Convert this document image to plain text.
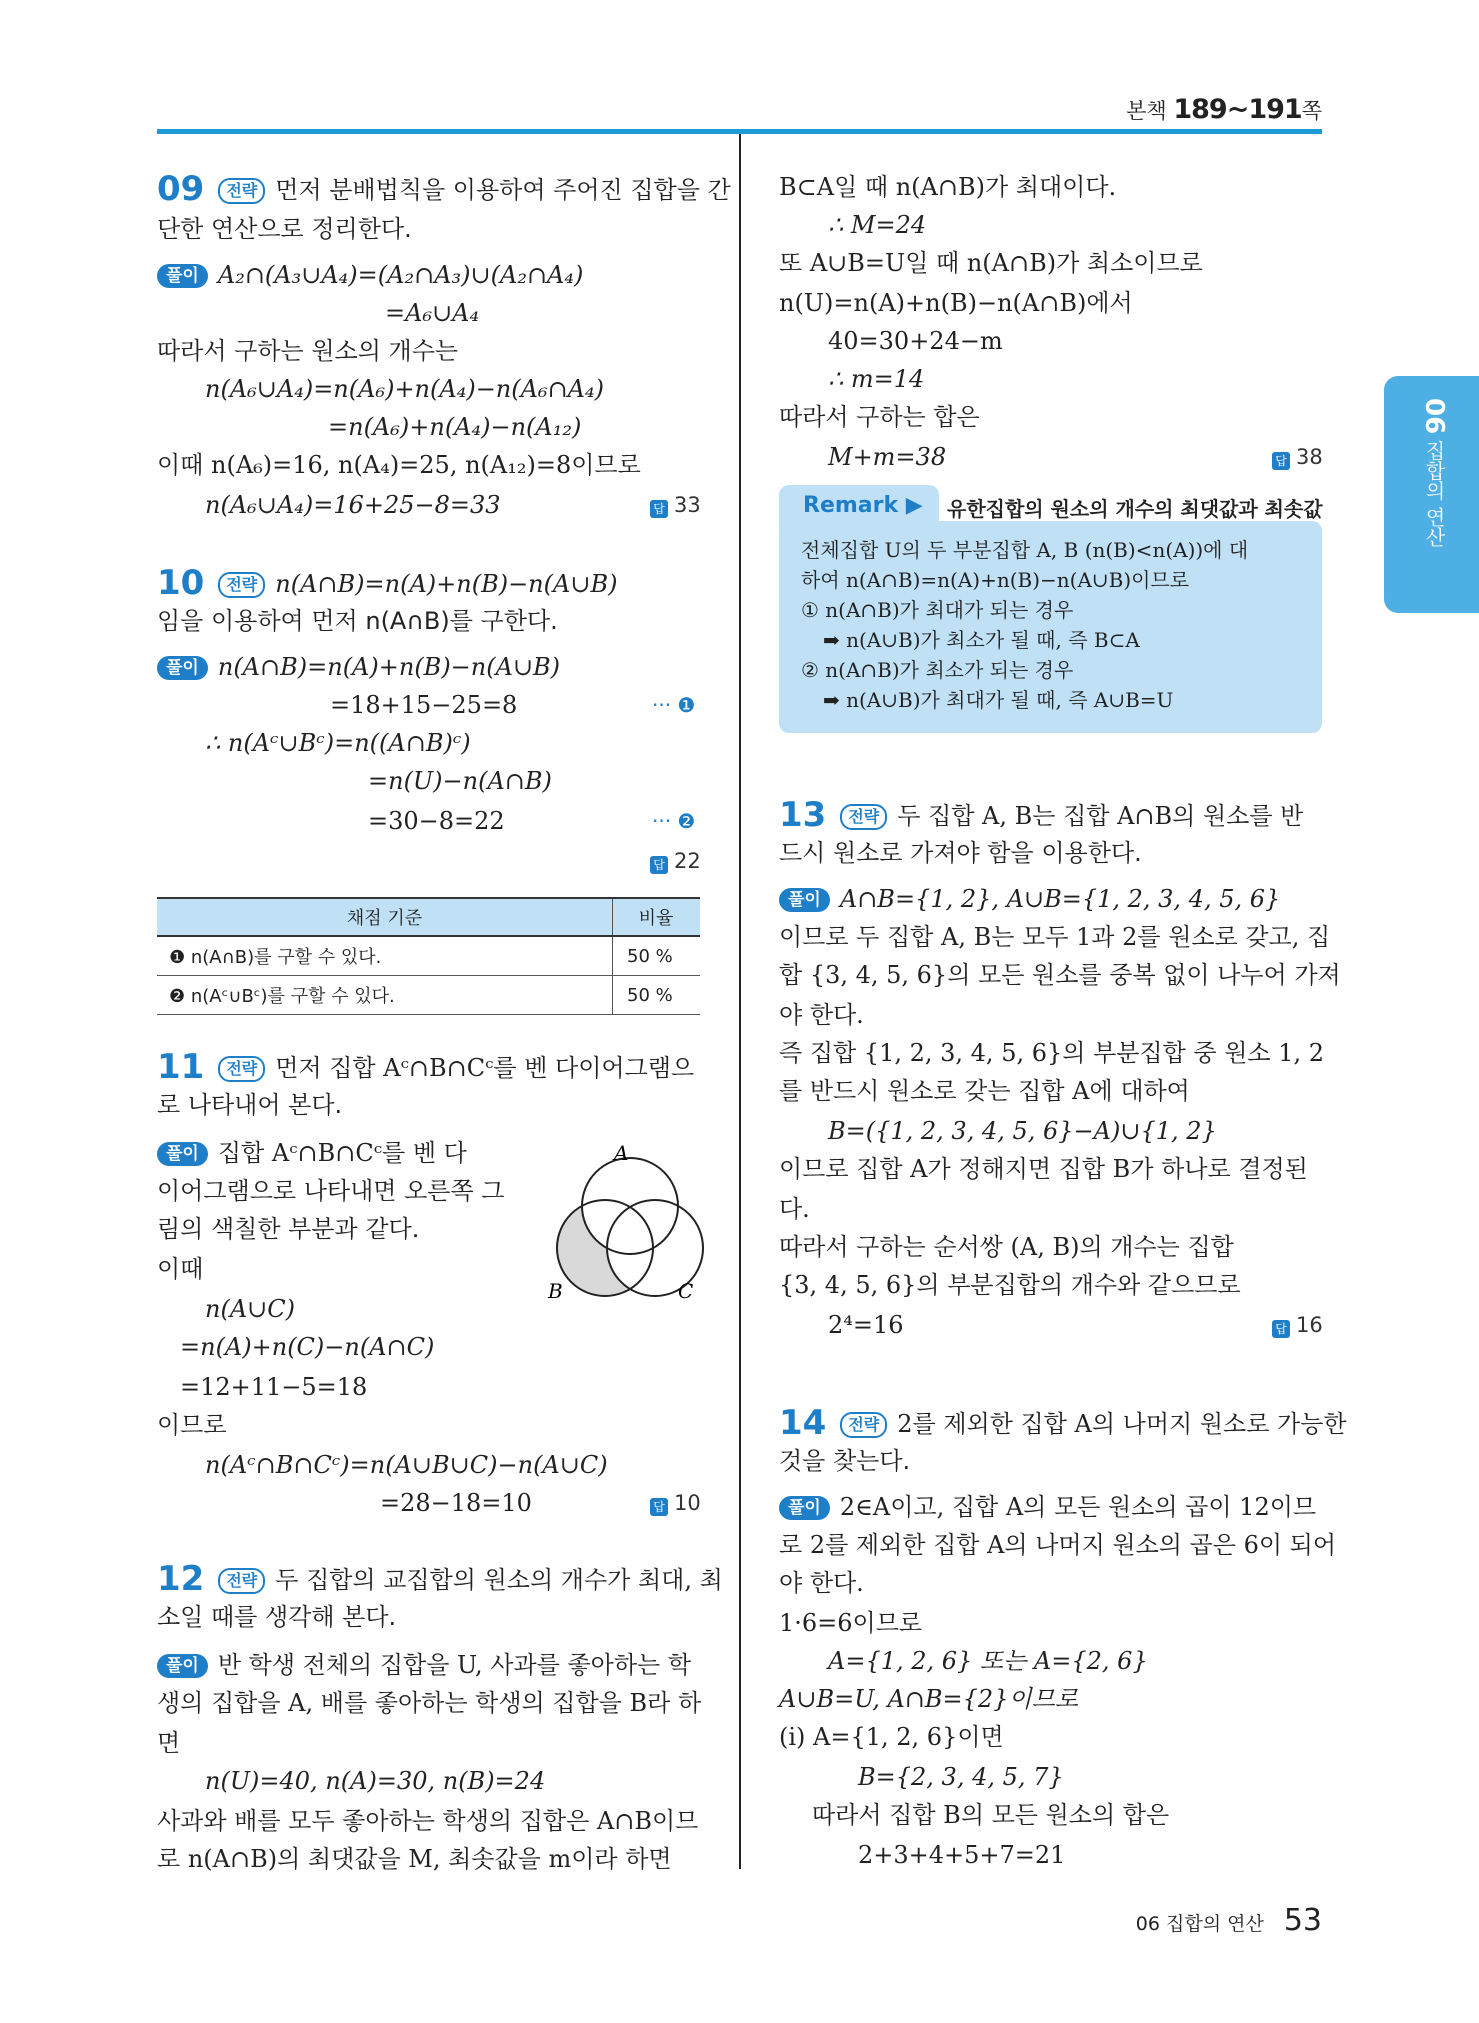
본책 189~191쪽
06 집합의 연산
09 전략 먼저 분배법칙을 이용하여 주어진 집합을 간
단한 연산으로 정리한다.
풀이 A₂∩(A₃∪A₄)=(A₂∩A₃)∪(A₂∩A₄)
=A₆∪A₄
따라서 구하는 원소의 개수는
n(A₆∪A₄)=n(A₆)+n(A₄)−n(A₆∩A₄)
=n(A₆)+n(A₄)−n(A₁₂)
이때 n(A₆)=16, n(A₄)=25, n(A₁₂)=8이므로
n(A₆∪A₄)=16+25−8=33	답 33
10 전략 n(A∩B)=n(A)+n(B)−n(A∪B)
임을 이용하여 먼저 n(A∩B)를 구한다.
풀이 n(A∩B)=n(A)+n(B)−n(A∪B)
=18+15−25=8	··· ❶
∴ n(Aᶜ∪Bᶜ)=n((A∩B)ᶜ)
=n(U)−n(A∩B)
=30−8=22	··· ❷
답 22
채점 기준	비율
❶ n(A∩B)를 구할 수 있다.	50 %
❷ n(Aᶜ∪Bᶜ)를 구할 수 있다.	50 %
11 전략 먼저 집합 Aᶜ∩B∩Cᶜ를 벤 다이어그램으
로 나타내어 본다.
풀이 집합 Aᶜ∩B∩Cᶜ를 벤 다
이어그램으로 나타내면 오른쪽 그
림의 색칠한 부분과 같다.
이때
n(A∪C)
=n(A)+n(C)−n(A∩C)
=12+11−5=18
이므로
n(Aᶜ∩B∩Cᶜ)=n(A∪B∪C)−n(A∪C)
=28−18=10	답 10
A
B	C
12 전략 두 집합의 교집합의 원소의 개수가 최대, 최
소일 때를 생각해 본다.
풀이 반 학생 전체의 집합을 U, 사과를 좋아하는 학
생의 집합을 A, 배를 좋아하는 학생의 집합을 B라 하
면
n(U)=40, n(A)=30, n(B)=24
사과와 배를 모두 좋아하는 학생의 집합은 A∩B이므
로 n(A∩B)의 최댓값을 M, 최솟값을 m이라 하면
B⊂A일 때 n(A∩B)가 최대이다.
∴ M=24
또 A∪B=U일 때 n(A∩B)가 최소이므로
n(U)=n(A)+n(B)−n(A∩B)에서
40=30+24−m
∴ m=14
따라서 구하는 합은
M+m=38	답 38
Remark ▶ 유한집합의 원소의 개수의 최댓값과 최솟값
전체집합 U의 두 부분집합 A, B (n(B)<n(A))에 대
하여 n(A∩B)=n(A)+n(B)−n(A∪B)이므로
① n(A∩B)가 최대가 되는 경우
➡ n(A∪B)가 최소가 될 때, 즉 B⊂A
② n(A∩B)가 최소가 되는 경우
➡ n(A∪B)가 최대가 될 때, 즉 A∪B=U
13 전략 두 집합 A, B는 집합 A∩B의 원소를 반
드시 원소로 가져야 함을 이용한다.
풀이 A∩B={1, 2}, A∪B={1, 2, 3, 4, 5, 6}
이므로 두 집합 A, B는 모두 1과 2를 원소로 갖고, 집
합 {3, 4, 5, 6}의 모든 원소를 중복 없이 나누어 가져
야 한다.
즉 집합 {1, 2, 3, 4, 5, 6}의 부분집합 중 원소 1, 2
를 반드시 원소로 갖는 집합 A에 대하여
B=({1, 2, 3, 4, 5, 6}−A)∪{1, 2}
이므로 집합 A가 정해지면 집합 B가 하나로 결정된
다.
따라서 구하는 순서쌍 (A, B)의 개수는 집합
{3, 4, 5, 6}의 부분집합의 개수와 같으므로
2⁴=16	답 16
14 전략 2를 제외한 집합 A의 나머지 원소로 가능한
것을 찾는다.
풀이 2∈A이고, 집합 A의 모든 원소의 곱이 12이므
로 2를 제외한 집합 A의 나머지 원소의 곱은 6이 되어
야 한다.
1·6=6이므로
A={1, 2, 6} 또는 A={2, 6}
A∪B=U, A∩B={2}이므로
(i) A={1, 2, 6}이면
B={2, 3, 4, 5, 7}
따라서 집합 B의 모든 원소의 합은
2+3+4+5+7=21
06 집합의 연산 53
